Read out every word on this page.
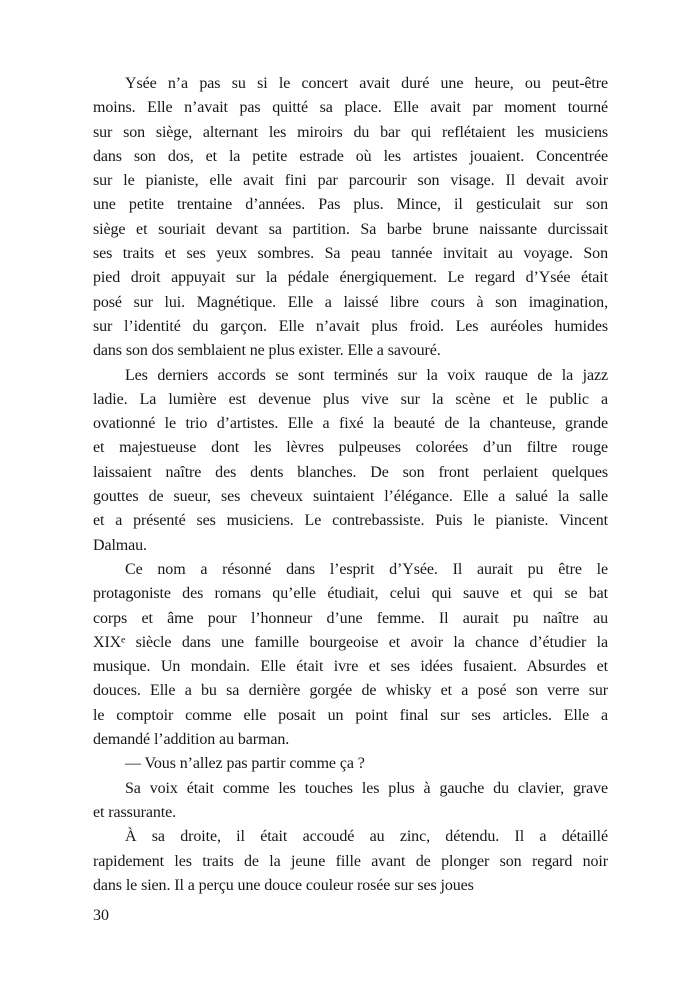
Ysée n’a pas su si le concert avait duré une heure, ou peut-être
moins. Elle n’avait pas quitté sa place. Elle avait par moment tourné
sur son siège, alternant les miroirs du bar qui reflétaient les musiciens
dans son dos, et la petite estrade où les artistes jouaient. Concentrée
sur le pianiste, elle avait fini par parcourir son visage. Il devait avoir
une petite trentaine d’années. Pas plus. Mince, il gesticulait sur son
siège et souriait devant sa partition. Sa barbe brune naissante durcissait
ses traits et ses yeux sombres. Sa peau tannée invitait au voyage. Son
pied droit appuyait sur la pédale énergiquement. Le regard d’Ysée était
posé sur lui. Magnétique. Elle a laissé libre cours à son imagination,
sur l’identité du garçon. Elle n’avait plus froid. Les auréoles humides
dans son dos semblaient ne plus exister. Elle a savouré.
Les derniers accords se sont terminés sur la voix rauque de la jazz
ladie. La lumière est devenue plus vive sur la scène et le public a
ovationné le trio d’artistes. Elle a fixé la beauté de la chanteuse, grande
et majestueuse dont les lèvres pulpeuses colorées d’un filtre rouge
laissaient naître des dents blanches. De son front perlaient quelques
gouttes de sueur, ses cheveux suintaient l’élégance. Elle a salué la salle
et a présenté ses musiciens. Le contrebassiste. Puis le pianiste. Vincent
Dalmau.
Ce nom a résonné dans l’esprit d’Ysée. Il aurait pu être le
protagoniste des romans qu’elle étudiait, celui qui sauve et qui se bat
corps et âme pour l’honneur d’une femme. Il aurait pu naître au
XIXᵉ siècle dans une famille bourgeoise et avoir la chance d’étudier la
musique. Un mondain. Elle était ivre et ses idées fusaient. Absurdes et
douces. Elle a bu sa dernière gorgée de whisky et a posé son verre sur
le comptoir comme elle posait un point final sur ses articles. Elle a
demandé l’addition au barman.
— Vous n’allez pas partir comme ça ?
Sa voix était comme les touches les plus à gauche du clavier, grave
et rassurante.
À sa droite, il était accoudé au zinc, détendu. Il a détaillé
rapidement les traits de la jeune fille avant de plonger son regard noir
dans le sien. Il a perçu une douce couleur rosée sur ses joues
30
